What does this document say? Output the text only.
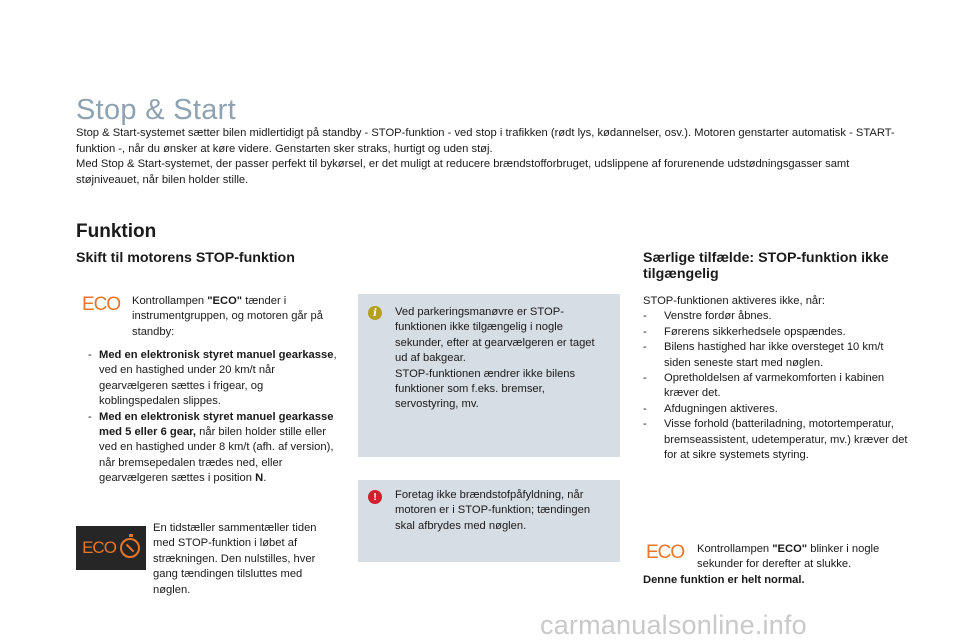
Stop & Start

Stop & Start-systemet sætter bilen midlertidigt på standby - STOP-funktion - ved stop i trafikken (rødt lys, kødannelser, osv.). Motoren genstarter automatisk - START-funktion -, når du ønsker at køre videre. Genstarten sker straks, hurtigt og uden støj.

Med Stop & Start-systemet, der passer perfekt til bykørsel, er det muligt at reducere brændstofforbruget, udslippene af forurenende udstødningsgasser samt støjniveauet, når bilen holder stille.

Funktion
Skift til motorens STOP-funktion	Særlige tilfælde: STOP-funktion ikke tilgængelig
ECO Kontrollampen "ECO" tænder i instrumentgruppen, og motoren går på standby:
- Med en elektronisk styret manuel gearkasse, ved en hastighed under 20 km/t når gearvælgeren sættes i frigear, og koblingspedalen slippes.
- Med en elektronisk styret manuel gearkasse med 5 eller 6 gear, når bilen holder stille eller ved en hastighed under 8 km/t (afh. af version), når bremsepedalen trædes ned, eller gearvælgeren sættes i position N.
ECO
En tidstæller sammentæller tiden med STOP-funktion i løbet af strækningen. Den nulstilles, hver gang tændingen tilsluttes med nøglen.
i	Ved parkeringsmanøvre er STOP-funktionen ikke tilgængelig i nogle sekunder, efter at gearvælgeren er taget ud af bakgear.
STOP-funktionen ændrer ikke bilens funktioner som f.eks. bremser, servostyring, mv.
!	Foretag ikke brændstofpåfyldning, når motoren er i STOP-funktion; tændingen skal afbrydes med nøglen.
STOP-funktionen aktiveres ikke, når:
- Venstre fordør åbnes.
- Førerens sikkerhedsele opspændes.
- Bilens hastighed har ikke oversteget 10 km/t siden seneste start med nøglen.
- Opretholdelsen af varmekomforten i kabinen kræver det.
- Afdugningen aktiveres.
- Visse forhold (batteriladning, motortemperatur, bremseassistent, udetemperatur, mv.) kræver det for at sikre systemets styring.
ECO Kontrollampen "ECO" blinker i nogle sekunder for derefter at slukke.
Denne funktion er helt normal.
carmanualsonline.info
